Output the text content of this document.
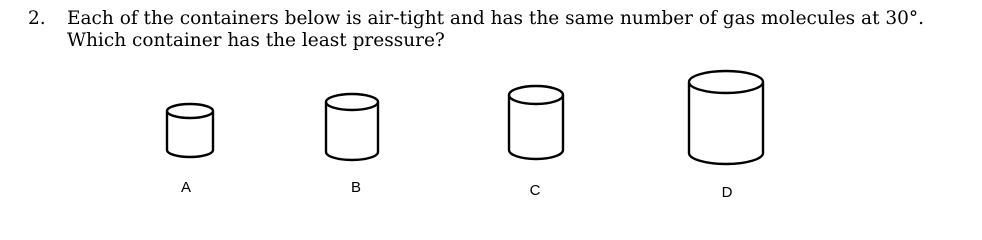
2. Each of the containers below is air-tight and has the same number of gas molecules at 30°.
Which container has the least pressure?
A	B	C	D
